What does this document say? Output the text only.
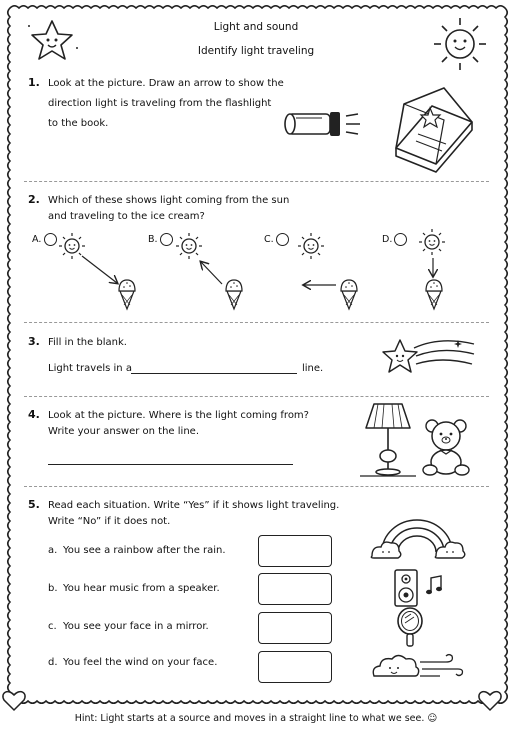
Light and sound
Identify light traveling
1. Look at the picture. Draw an arrow to show the
direction light is traveling from the flashlight
to the book.
2. Which of these shows light coming from the sun
and traveling to the ice cream?
A.	B.	C.	D.
3. Fill in the blank.
Light travels in a	line.
4. Look at the picture. Where is the light coming from?
Write your answer on the line.
5. Read each situation. Write “Yes” if it shows light traveling.
Write “No” if it does not.
a. You see a rainbow after the rain.
b. You hear music from a speaker.
c. You see your face in a mirror.
d. You feel the wind on your face.
Hint: Light starts at a source and moves in a straight line to what we see. ☺
